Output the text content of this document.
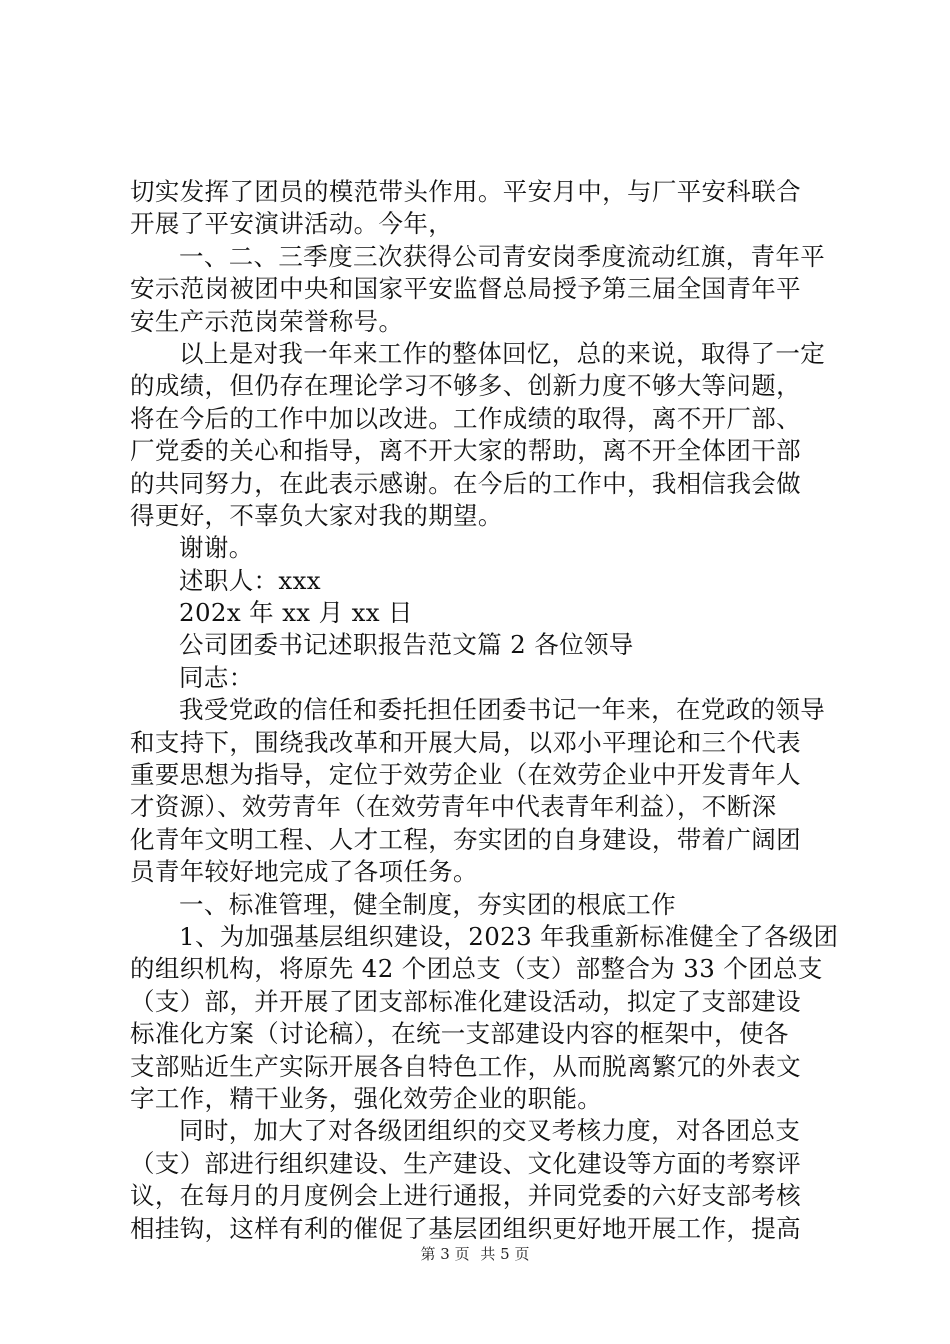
切实发挥了团员的模范带头作用。平安月中，与厂平安科联合
开展了平安演讲活动。今年，
一、二、三季度三次获得公司青安岗季度流动红旗，青年平
安示范岗被团中央和国家平安监督总局授予第三届全国青年平
安生产示范岗荣誉称号。
以上是对我一年来工作的整体回忆，总的来说，取得了一定
的成绩，但仍存在理论学习不够多、创新力度不够大等问题，
将在今后的工作中加以改进。工作成绩的取得，离不开厂部、
厂党委的关心和指导，离不开大家的帮助，离不开全体团干部
的共同努力，在此表示感谢。在今后的工作中，我相信我会做
得更好，不辜负大家对我的期望。
谢谢。
述职人：xxx
202x 年 xx 月 xx 日
公司团委书记述职报告范文篇 2 各位领导
同志：
我受党政的信任和委托担任团委书记一年来，在党政的领导
和支持下，围绕我改革和开展大局，以邓小平理论和三个代表
重要思想为指导，定位于效劳企业（在效劳企业中开发青年人
才资源）、效劳青年（在效劳青年中代表青年利益），不断深
化青年文明工程、人才工程，夯实团的自身建设，带着广阔团
员青年较好地完成了各项任务。
一、标准管理，健全制度，夯实团的根底工作
1、为加强基层组织建设，2023 年我重新标准健全了各级团
的组织机构，将原先 42 个团总支（支）部整合为 33 个团总支
（支）部，并开展了团支部标准化建设活动，拟定了支部建设
标准化方案（讨论稿），在统一支部建设内容的框架中，使各
支部贴近生产实际开展各自特色工作，从而脱离繁冗的外表文
字工作，精干业务，强化效劳企业的职能。
同时，加大了对各级团组织的交叉考核力度，对各团总支
（支）部进行组织建设、生产建设、文化建设等方面的考察评
议，在每月的月度例会上进行通报，并同党委的六好支部考核
相挂钩，这样有利的催促了基层团组织更好地开展工作，提高
第 3 页 共 5 页
